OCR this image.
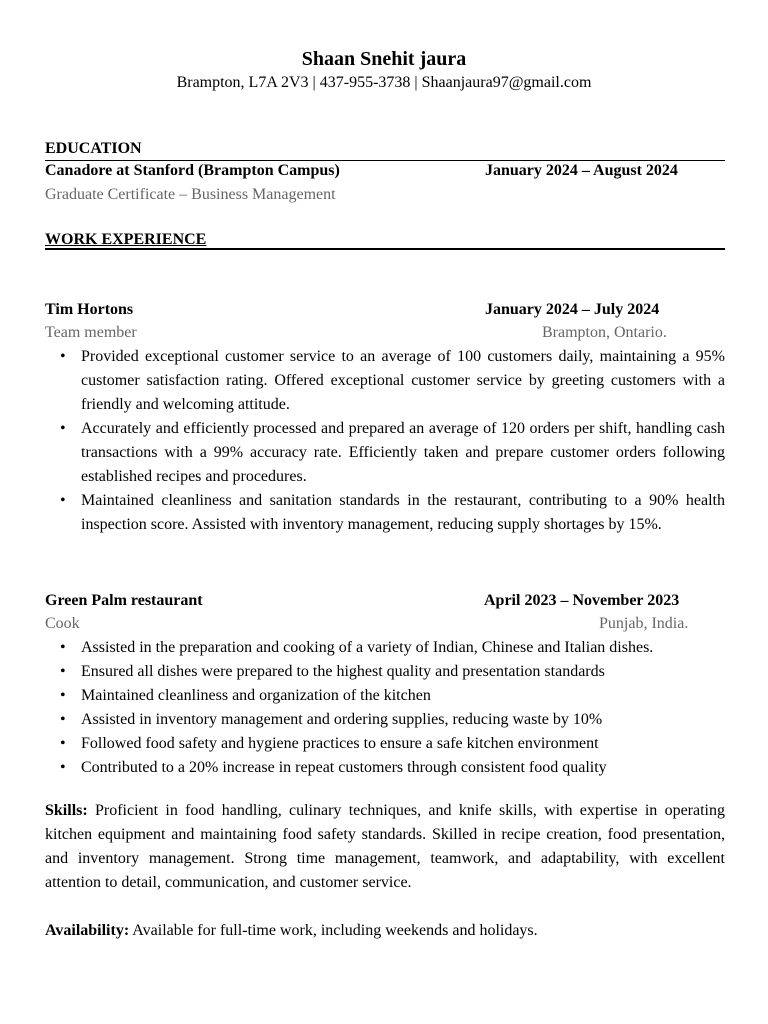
Shaan Snehit jaura
Brampton, L7A 2V3 | 437-955-3738 | Shaanjaura97@gmail.com
EDUCATION
Canadore at Stanford (Brampton Campus)	January 2024 – August 2024
Graduate Certificate – Business Management
WORK EXPERIENCE
Tim Hortons	January 2024 – July 2024
Team member	Brampton, Ontario.
• Provided exceptional customer service to an average of 100 customers daily, maintaining a 95% customer satisfaction rating. Offered exceptional customer service by greeting customers with a friendly and welcoming attitude.
• Accurately and efficiently processed and prepared an average of 120 orders per shift, handling cash transactions with a 99% accuracy rate. Efficiently taken and prepare customer orders following established recipes and procedures.
• Maintained cleanliness and sanitation standards in the restaurant, contributing to a 90% health inspection score. Assisted with inventory management, reducing supply shortages by 15%.
Green Palm restaurant	April 2023 – November 2023
Cook	Punjab, India.
• Assisted in the preparation and cooking of a variety of Indian, Chinese and Italian dishes.
• Ensured all dishes were prepared to the highest quality and presentation standards
• Maintained cleanliness and organization of the kitchen
• Assisted in inventory management and ordering supplies, reducing waste by 10%
• Followed food safety and hygiene practices to ensure a safe kitchen environment
• Contributed to a 20% increase in repeat customers through consistent food quality
Skills: Proficient in food handling, culinary techniques, and knife skills, with expertise in operating kitchen equipment and maintaining food safety standards. Skilled in recipe creation, food presentation, and inventory management. Strong time management, teamwork, and adaptability, with excellent attention to detail, communication, and customer service.
Availability: Available for full-time work, including weekends and holidays.
